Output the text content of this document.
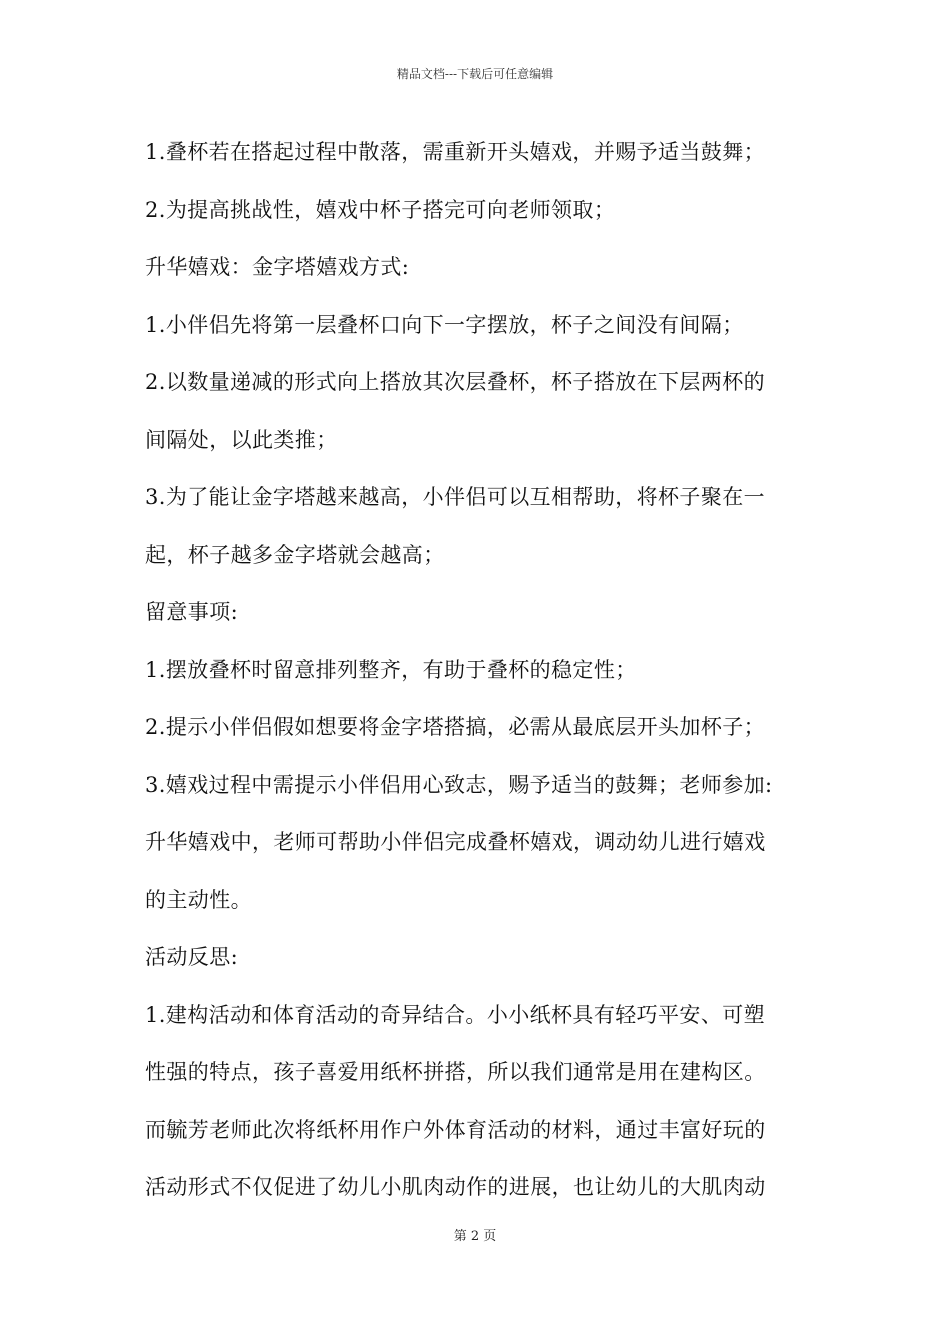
精品文档---下载后可任意编辑
1.叠杯若在搭起过程中散落，需重新开头嬉戏，并赐予适当鼓舞；
2.为提高挑战性，嬉戏中杯子搭完可向老师领取；
升华嬉戏：金字塔嬉戏方式:
1.小伴侣先将第一层叠杯口向下一字摆放，杯子之间没有间隔；
2.以数量递减的形式向上搭放其次层叠杯，杯子搭放在下层两杯的
间隔处，以此类推；
3.为了能让金字塔越来越高，小伴侣可以互相帮助，将杯子聚在一
起，杯子越多金字塔就会越高；
留意事项:
1.摆放叠杯时留意排列整齐，有助于叠杯的稳定性；
2.提示小伴侣假如想要将金字塔搭搞，必需从最底层开头加杯子；
3.嬉戏过程中需提示小伴侣用心致志，赐予适当的鼓舞；老师参加:
升华嬉戏中，老师可帮助小伴侣完成叠杯嬉戏，调动幼儿进行嬉戏
的主动性。
活动反思:
1.建构活动和体育活动的奇异结合。小小纸杯具有轻巧平安、可塑
性强的特点，孩子喜爱用纸杯拼搭，所以我们通常是用在建构区。
而毓芳老师此次将纸杯用作户外体育活动的材料，通过丰富好玩的
活动形式不仅促进了幼儿小肌肉动作的进展，也让幼儿的大肌肉动
第 2 页
